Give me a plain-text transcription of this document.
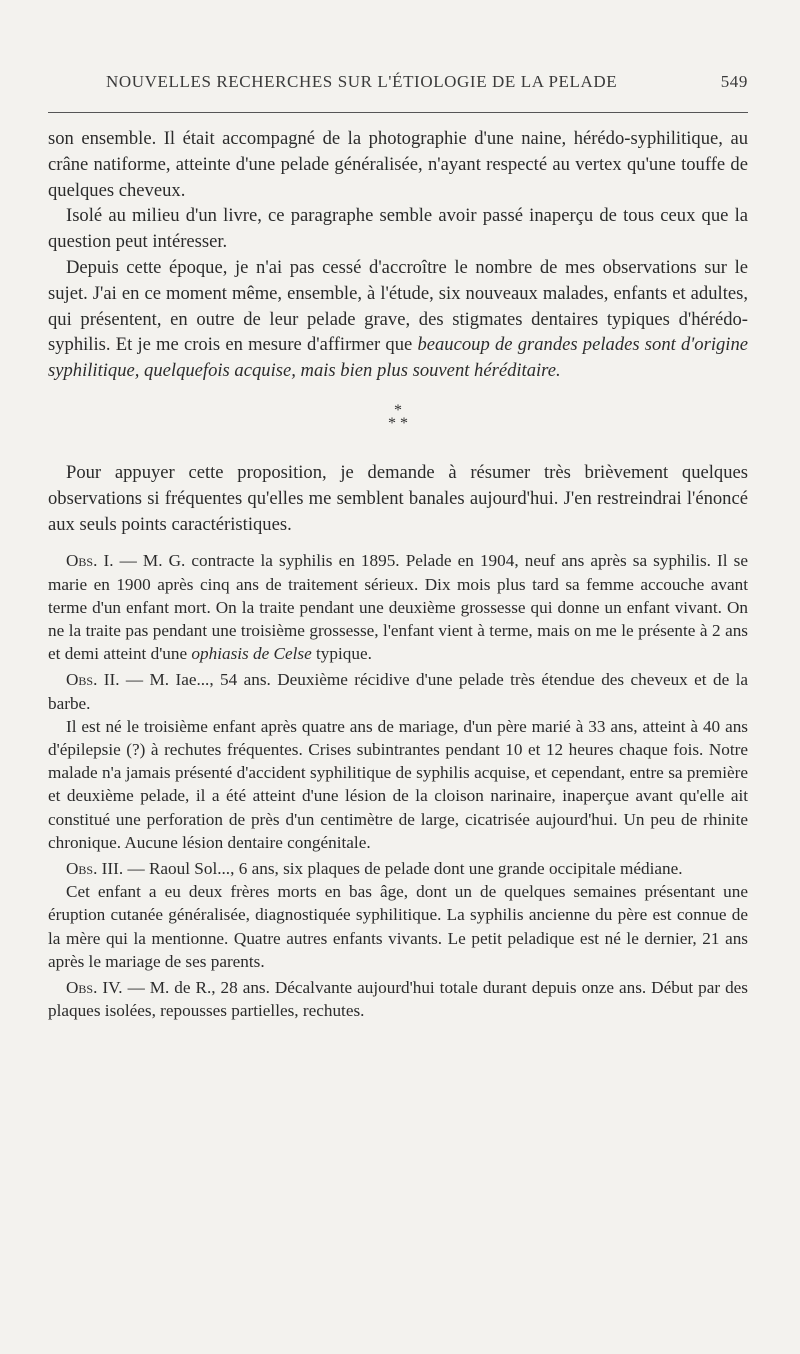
NOUVELLES RECHERCHES SUR L'ÉTIOLOGIE DE LA PELADE	549

son ensemble. Il était accompagné de la photographie d'une naine, hérédo-syphilitique, au crâne natiforme, atteinte d'une pelade généralisée, n'ayant respecté au vertex qu'une touffe de quelques cheveux.

Isolé au milieu d'un livre, ce paragraphe semble avoir passé inaperçu de tous ceux que la question peut intéresser.

Depuis cette époque, je n'ai pas cessé d'accroître le nombre de mes observations sur le sujet. J'ai en ce moment même, ensemble, à l'étude, six nouveaux malades, enfants et adultes, qui présentent, en outre de leur pelade grave, des stigmates dentaires typiques d'hérédo-syphilis. Et je me crois en mesure d'affirmer que beaucoup de grandes pelades sont d'origine syphilitique, quelquefois acquise, mais bien plus souvent héréditaire.

*
* *

Pour appuyer cette proposition, je demande à résumer très brièvement quelques observations si fréquentes qu'elles me semblent banales aujourd'hui. J'en restreindrai l'énoncé aux seuls points caractéristiques.

Obs. I. — M. G. contracte la syphilis en 1895. Pelade en 1904, neuf ans après sa syphilis. Il se marie en 1900 après cinq ans de traitement sérieux. Dix mois plus tard sa femme accouche avant terme d'un enfant mort. On la traite pendant une deuxième grossesse qui donne un enfant vivant. On ne la traite pas pendant une troisième grossesse, l'enfant vient à terme, mais on me le présente à 2 ans et demi atteint d'une ophiasis de Celse typique.

Obs. II. — M. Iae..., 54 ans. Deuxième récidive d'une pelade très étendue des cheveux et de la barbe.

Il est né le troisième enfant après quatre ans de mariage, d'un père marié à 33 ans, atteint à 40 ans d'épilepsie (?) à rechutes fréquentes. Crises subintrantes pendant 10 et 12 heures chaque fois. Notre malade n'a jamais présenté d'accident syphilitique de syphilis acquise, et cependant, entre sa première et deuxième pelade, il a été atteint d'une lésion de la cloison narinaire, inaperçue avant qu'elle ait constitué une perforation de près d'un centimètre de large, cicatrisée aujourd'hui. Un peu de rhinite chronique. Aucune lésion dentaire congénitale.

Obs. III. — Raoul Sol..., 6 ans, six plaques de pelade dont une grande occipitale médiane.

Cet enfant a eu deux frères morts en bas âge, dont un de quelques semaines présentant une éruption cutanée généralisée, diagnostiquée syphilitique. La syphilis ancienne du père est connue de la mère qui la mentionne. Quatre autres enfants vivants. Le petit peladique est né le dernier, 21 ans après le mariage de ses parents.

Obs. IV. — M. de R., 28 ans. Décalvante aujourd'hui totale durant depuis onze ans. Début par des plaques isolées, repousses partielles, rechutes.
